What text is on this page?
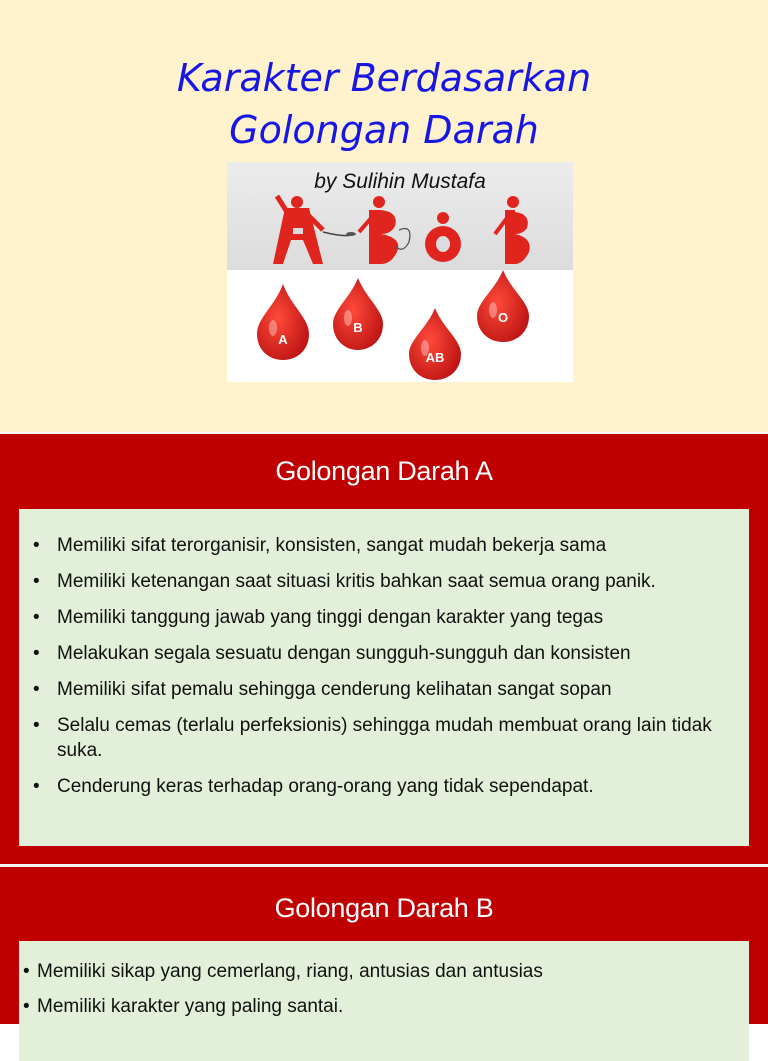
Karakter Berdasarkan
Golongan Darah
by Sulihin Mustafa
A
B
AB
O
Golongan Darah A
• Memiliki sifat terorganisir, konsisten, sangat mudah bekerja sama
• Memiliki ketenangan saat situasi kritis bahkan saat semua orang panik.
• Memiliki tanggung jawab yang tinggi dengan karakter yang tegas
• Melakukan segala sesuatu dengan sungguh-sungguh dan konsisten
• Memiliki sifat pemalu sehingga cenderung kelihatan sangat sopan
• Selalu cemas (terlalu perfeksionis) sehingga mudah membuat orang lain tidak suka.
• Cenderung keras terhadap orang-orang yang tidak sependapat.
Golongan Darah B
• Memiliki sikap yang cemerlang, riang, antusias dan antusias
• Memiliki karakter yang paling santai.
